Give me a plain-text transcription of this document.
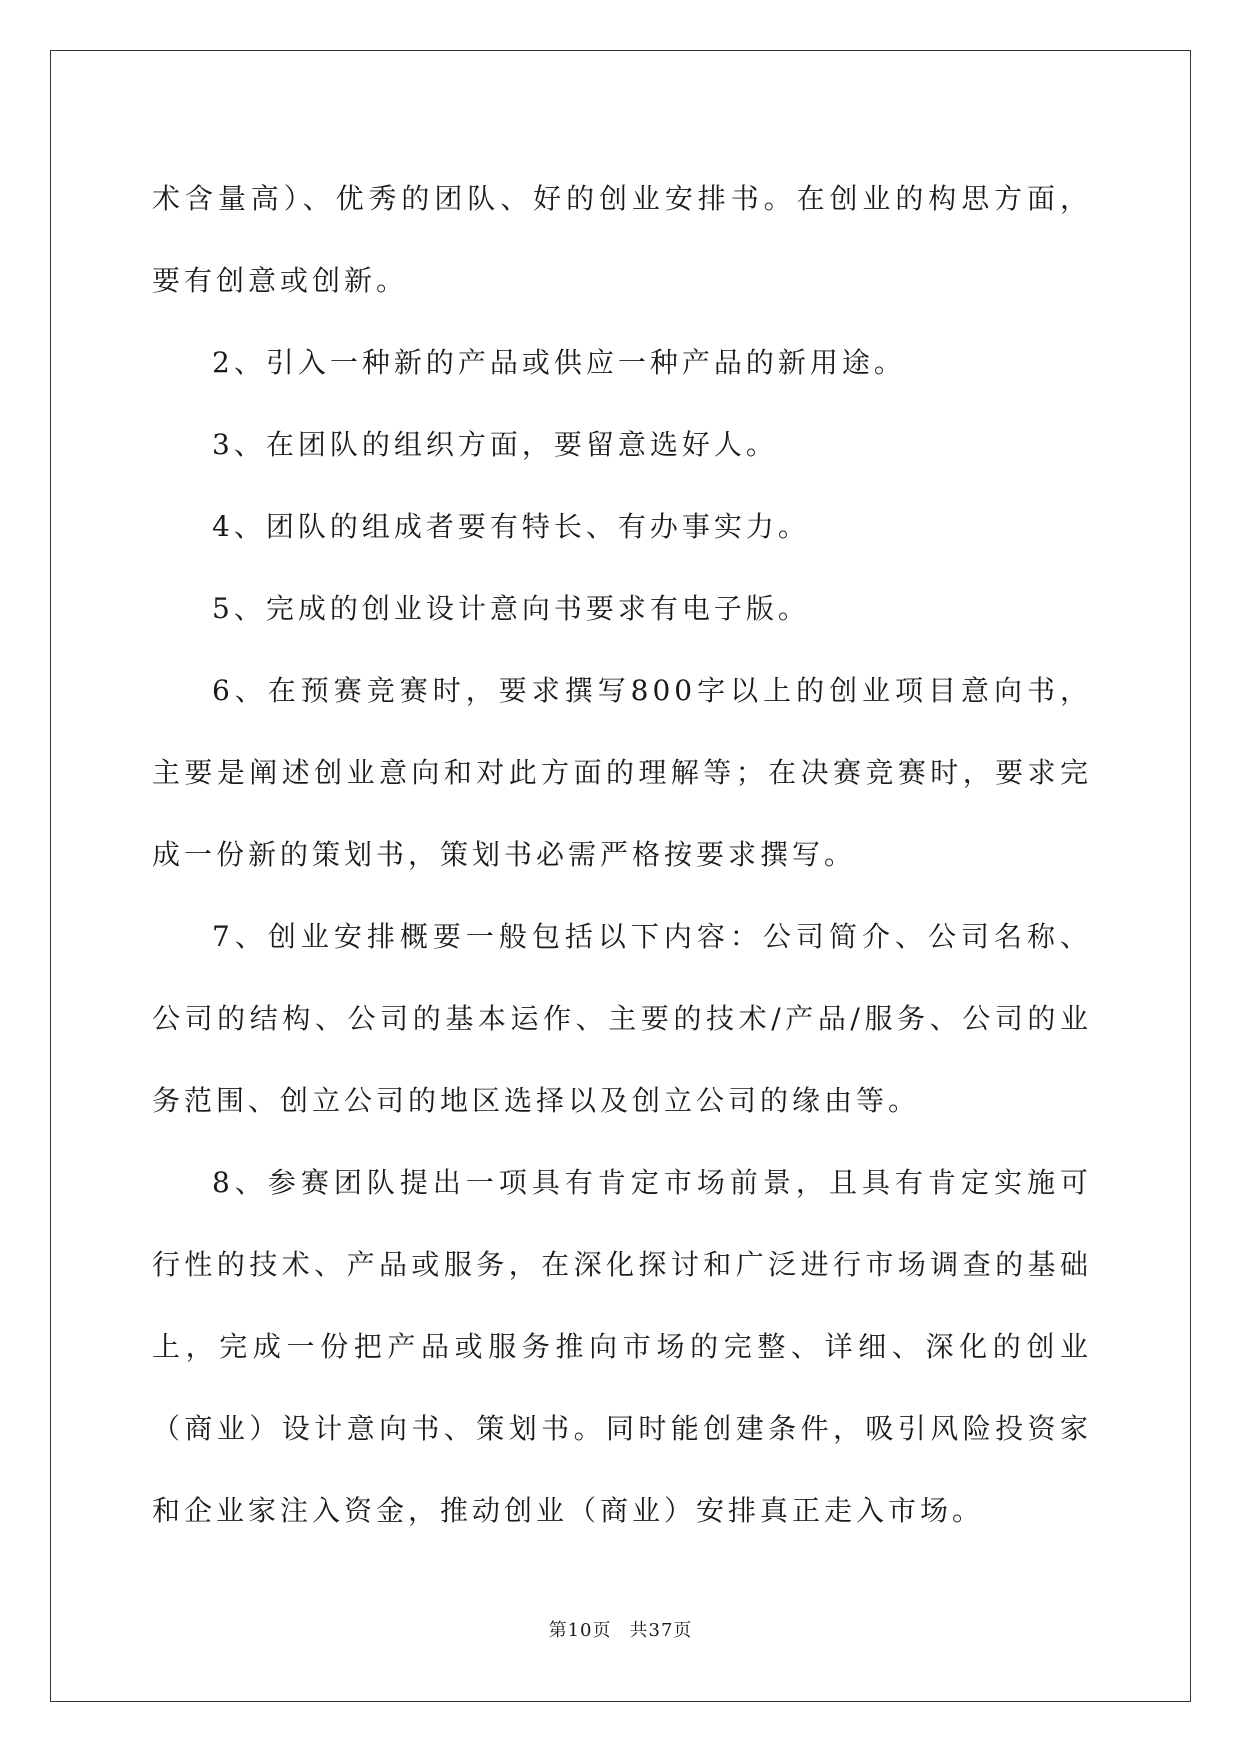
术含量高）、优秀的团队、好的创业安排书。在创业的构思方面，要有创意或创新。

2、引入一种新的产品或供应一种产品的新用途。

3、在团队的组织方面，要留意选好人。

4、团队的组成者要有特长、有办事实力。

5、完成的创业设计意向书要求有电子版。

6、在预赛竞赛时，要求撰写800字以上的创业项目意向书，主要是阐述创业意向和对此方面的理解等；在决赛竞赛时，要求完成一份新的策划书，策划书必需严格按要求撰写。

7、创业安排概要一般包括以下内容：公司简介、公司名称、公司的结构、公司的基本运作、主要的技术/产品/服务、公司的业务范围、创立公司的地区选择以及创立公司的缘由等。

8、参赛团队提出一项具有肯定市场前景，且具有肯定实施可行性的技术、产品或服务，在深化探讨和广泛进行市场调查的基础上，完成一份把产品或服务推向市场的完整、详细、深化的创业（商业）设计意向书、策划书。同时能创建条件，吸引风险投资家和企业家注入资金，推动创业（商业）安排真正走入市场。

第10页 共37页
